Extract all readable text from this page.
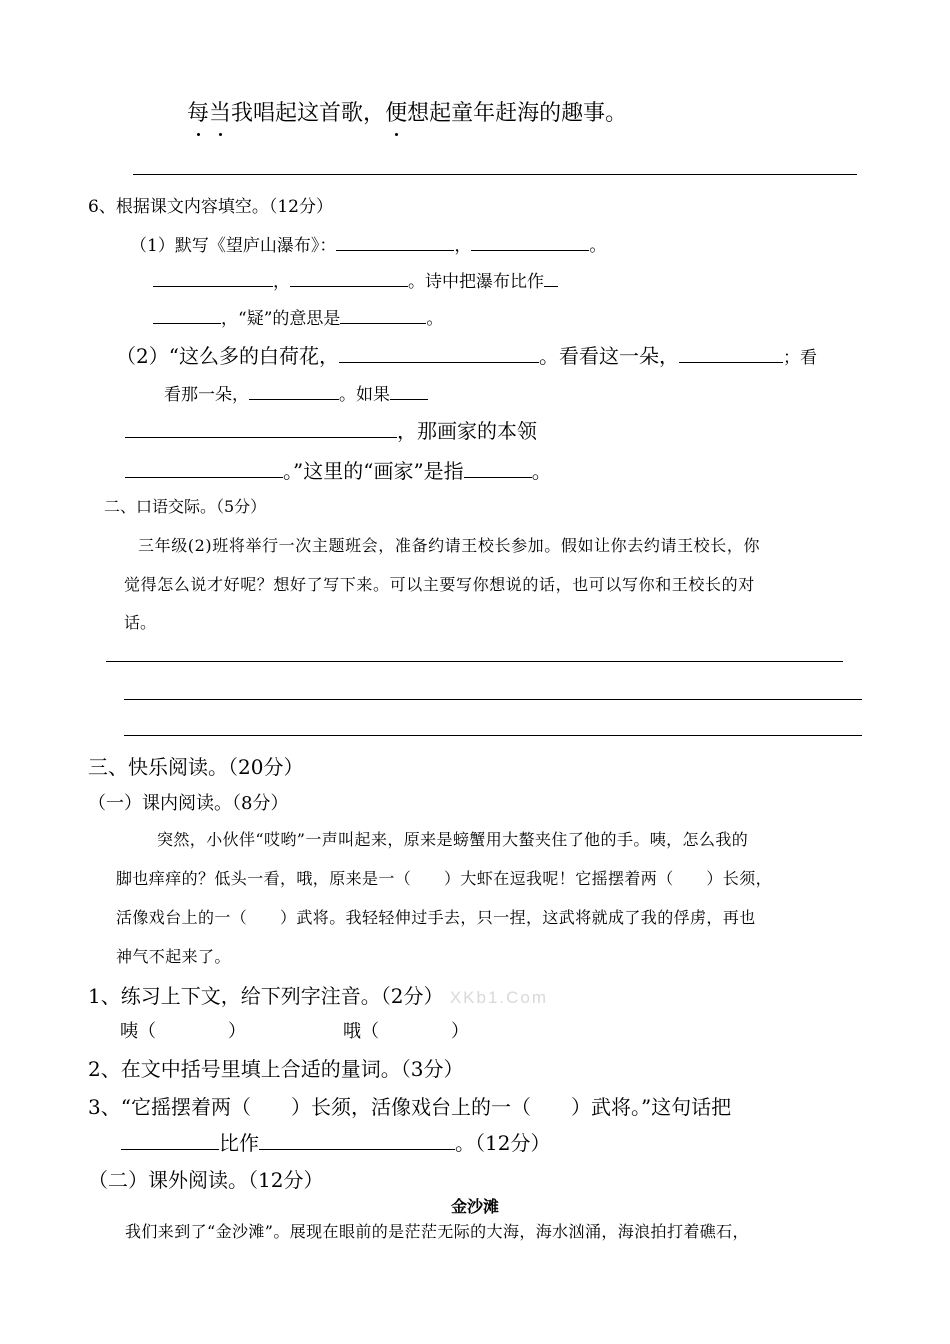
每当我唱起这首歌，便想起童年赶海的趣事。
6、根据课文内容填空。（12分）
（1）默写《望庐山瀑布》：	，	。
，	。诗中把瀑布比作
，“疑”的意思是	。
（2）“这么多的白荷花，	。看看这一朵，	；看
看那一朵，	。如果
，那画家的本领
。”这里的“画家”是指	。
二、口语交际。（5分）
三年级(2)班将举行一次主题班会，准备约请王校长参加。假如让你去约请王校长，你
觉得怎么说才好呢？想好了写下来。可以主要写你想说的话，也可以写你和王校长的对
话。
三、快乐阅读。（20分）
（一）课内阅读。（8分）
突然，小伙伴“哎哟”一声叫起来，原来是螃蟹用大螯夹住了他的手。咦，怎么我的
脚也痒痒的？低头一看，哦，原来是一（　　）大虾在逗我呢！它摇摆着两（　　）长须，
活像戏台上的一（　　）武将。我轻轻伸过手去，只一捏，这武将就成了我的俘虏，再也
神气不起来了。
1、练习上下文，给下列字注音。（2分） XKb1.Com
咦（　　　　）	哦（　　　　）
2、在文中括号里填上合适的量词。（3分）
3、“它摇摆着两（　　）长须，活像戏台上的一（　　）武将。”这句话把
比作	。（12分）
（二）课外阅读。（12分）
金沙滩
我们来到了“金沙滩”。展现在眼前的是茫茫无际的大海，海水汹涌，海浪拍打着礁石，
